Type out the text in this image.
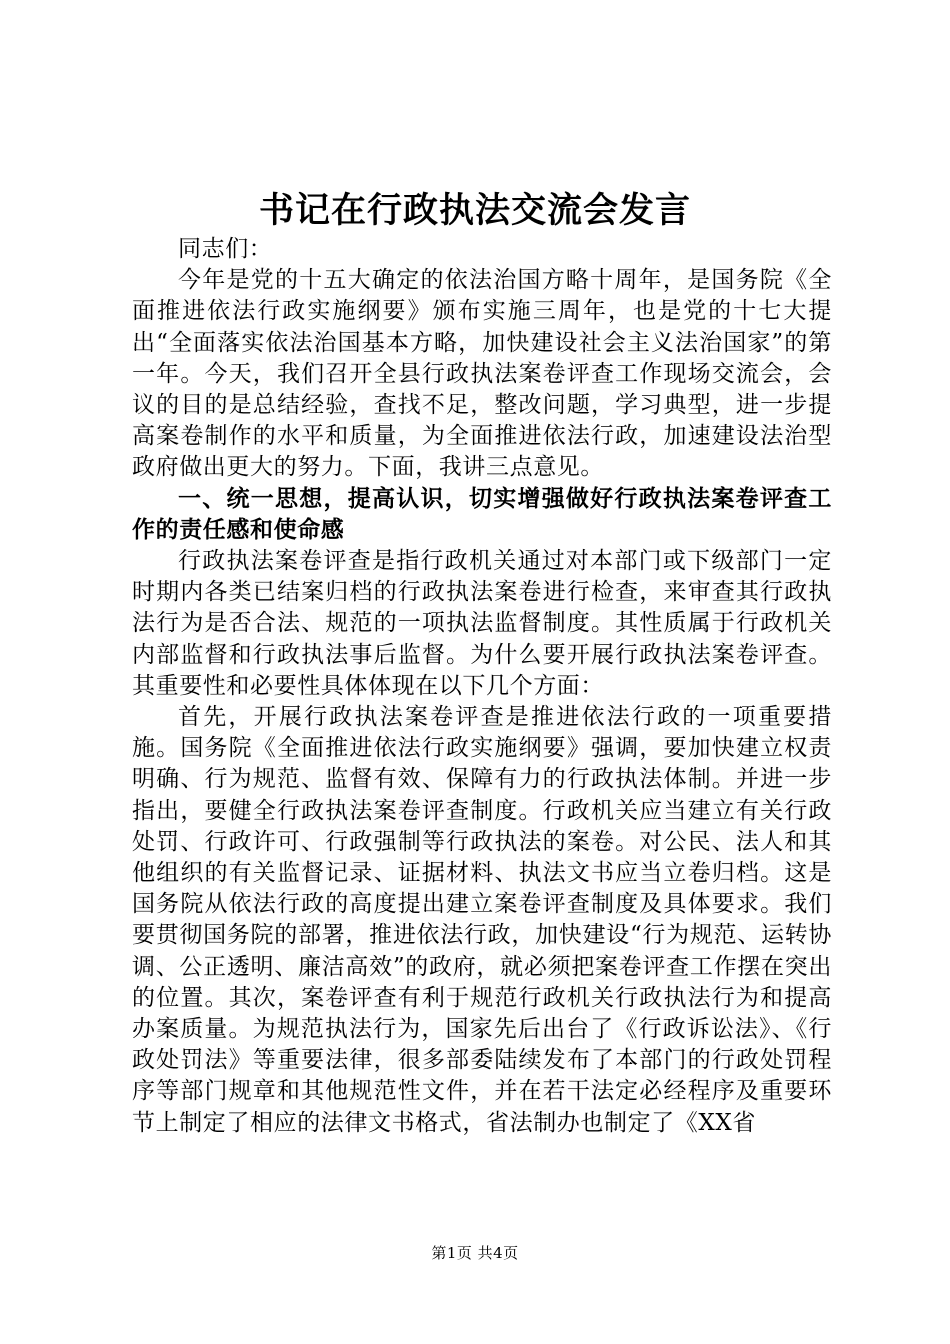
书记在行政执法交流会发言

同志们：

今年是党的十五大确定的依法治国方略十周年，是国务院《全面推进依法行政实施纲要》颁布实施三周年，也是党的十七大提出“全面落实依法治国基本方略，加快建设社会主义法治国家”的第一年。今天，我们召开全县行政执法案卷评查工作现场交流会，会议的目的是总结经验，查找不足，整改问题，学习典型，进一步提高案卷制作的水平和质量，为全面推进依法行政，加速建设法治型政府做出更大的努力。下面，我讲三点意见。

一、统一思想，提高认识，切实增强做好行政执法案卷评查工作的责任感和使命感

行政执法案卷评查是指行政机关通过对本部门或下级部门一定时期内各类已结案归档的行政执法案卷进行检查，来审查其行政执法行为是否合法、规范的一项执法监督制度。其性质属于行政机关内部监督和行政执法事后监督。为什么要开展行政执法案卷评查。其重要性和必要性具体体现在以下几个方面：

首先，开展行政执法案卷评查是推进依法行政的一项重要措施。国务院《全面推进依法行政实施纲要》强调，要加快建立权责明确、行为规范、监督有效、保障有力的行政执法体制。并进一步指出，要健全行政执法案卷评查制度。行政机关应当建立有关行政处罚、行政许可、行政强制等行政执法的案卷。对公民、法人和其他组织的有关监督记录、证据材料、执法文书应当立卷归档。这是国务院从依法行政的高度提出建立案卷评查制度及具体要求。我们要贯彻国务院的部署，推进依法行政，加快建设“行为规范、运转协调、公正透明、廉洁高效”的政府，就必须把案卷评查工作摆在突出的位置。其次，案卷评查有利于规范行政机关行政执法行为和提高办案质量。为规范执法行为，国家先后出台了《行政诉讼法》、《行政处罚法》等重要法律，很多部委陆续发布了本部门的行政处罚程序等部门规章和其他规范性文件，并在若干法定必经程序及重要环节上制定了相应的法律文书格式，省法制办也制定了《XX省

第1页 共4页
